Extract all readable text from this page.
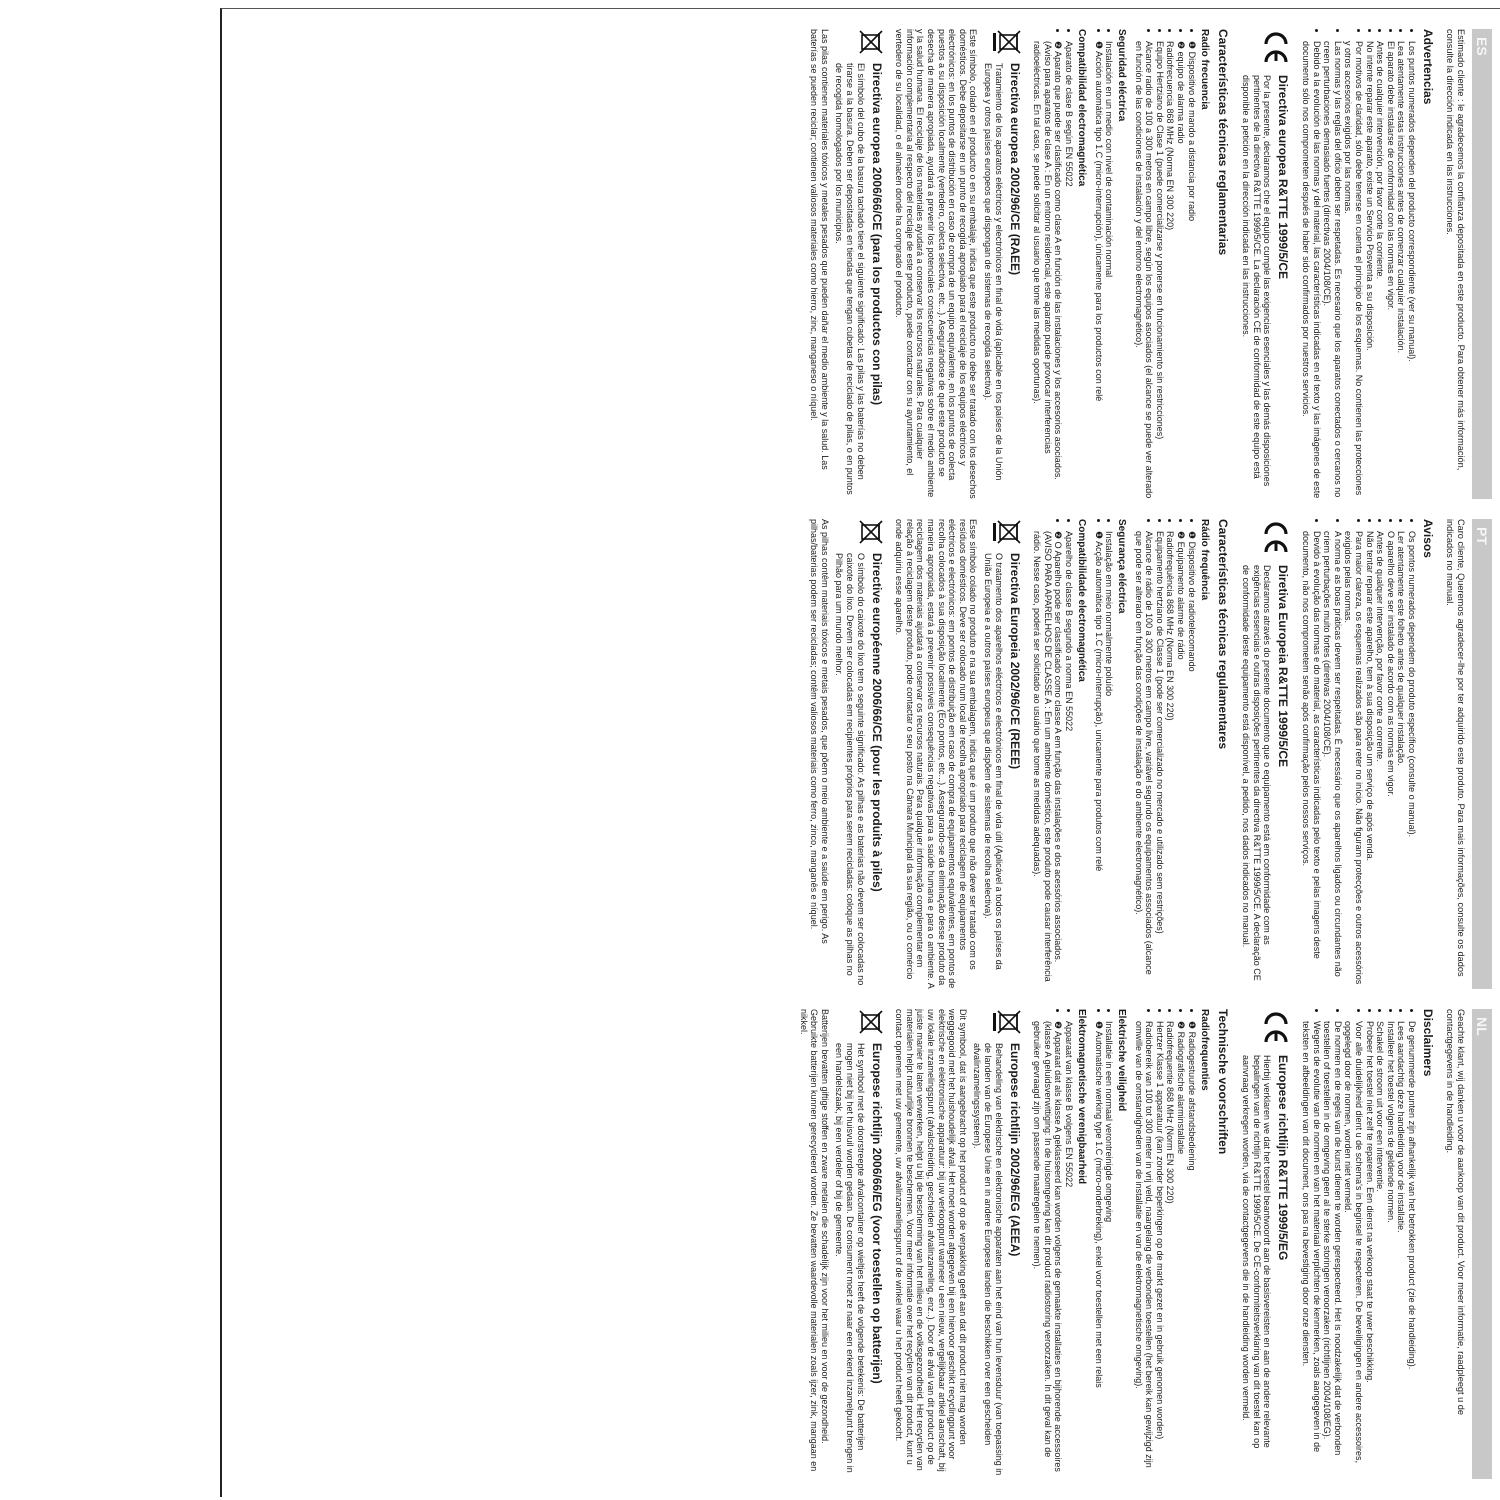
ES
Estimado cliente : le agradecemos la confianza depositada en este producto. Para obtener más información, consulte la dirección indicada en las instrucciones.
Advertencias
• Los puntos numerados dependen del producto correspondiente (ver su manual).
• Lea atentamente estas instrucciones antes de comenzar cualquier instalación.
• El aparato debe instalarse de conformidad con las normas en vigor.
• Antes de cualquier intervención, por favor corte la corriente.
• No intente reparar este aparato, existe un Servicio Posventa a su disposición.
• Por motivos de claridad, sólo debe tenerse en cuenta el principio de los esquemas. No contienen las protecciones y otros accesorios exigidos por las normas.
• Las normas y las reglas del oficio deben ser respetadas. Es necesario que los aparatos conectados o cercanos no creen perturbaciones demasiado fuertes (directivas 2004/108/CE).
• Debido a la evolución de las normas y del material, las características indicadas en el texto y las imágenes de este documento sólo nos comprometen después de haber sido confirmados por nuestros servicios.
Directiva europea R&TTE 1999/5/CE

Por la presente, declaramos che el equipo cumple las exigencias esenciales y las demás disposiciones pertinentes de la directiva R&TTE 1999/5/CE. La declaración CE de conformidad de este equipo está disponible a petición en la dirección indicada en las instrucciones.

Características técnicas reglamentarias
Radio frecuencia
• ❶ Dispositivo de mando a distancia por radio
• ❷ equipo de alarma radio
• Radiofrecuencia 868 MHz (Norma EN 300 220)
• Equipo Hertziano de Clase 1 (puede comercializarse y ponerse en funcionamiento sin restricciones)
• Alcance radio de 100 a 300 metros en campo libre, según los equipos asociados (el alcance se puede ver alterado en función de las condiciones de instalación y del entorno electromagnético).
Seguridad eléctrica
• Instalación en un medio con nivel de contaminación normal
• ❶ Acción automática tipo 1.C (micro-interrupción), únicamente para los productos con relé
Compatibilidad electromagnética
• Aparato de clase B según EN 55022
• ❷ Aparato que puede ser clasificado como clase A en función de las instalaciones y los accesorios asociados. (Aviso para aparatos de clase A : En un entorno residencial, este aparato puede provocar interferencias radioeléctricas. En tal caso, se puede solicitar al usuario que tome las medidas oportunas).
Directiva europea 2002/96/CE (RAEE)

Tratamiento de los aparatos eléctricos y electrónicos en final de vida (aplicable en los países de la Unión Europea y otros países europeos que dispongan de sistemas de recogida selectiva).

Este símbolo, colado en el producto o en su embalaje, indica que este producto no debe ser tratado con los desechos domésticos. Debe depositarse en un punto de recogida apropiado para el reciclaje de los equipos eléctricos y electrónicos: en los puntos de distribución en caso de compra de un equipo equivalente, en los puntos de colecta puestos a su disposición localmente (vertedero, colecta selectiva, etc...). Asegurándose de que este producto se desecha de manera apropiada, ayudará a prevenir los potenciales consecuencias negativas sobre el medio ambiente y la salud humana. El reciclaje de los materiales ayudará a conservar los recursos naturales. Para cualquier información complementaria al respecto del reciclaje de este producto, puede contactar con su ayuntamiento, el vertedero de su localidad, o el almacén donde ha comprado el producto.

Directiva europea 2006/66/CE (para los productos con pilas)

El símbolo del cubo de la basura tachado tiene el siguiente significado: Las pilas y las baterías no deben tirarse a la basura. Deben ser depositadas en tiendas que tengan cubetas de reciclado de pilas, o en puntos de recogida homologados por los municipios.

Las pilas contienen materiales tóxicos y metales pesados que pueden dañar el medio ambiente y la salud. Las baterías se pueden reciclar; contienen valiosos materiales como hierro, zinc, manganeso o níquel.

PT
Caro cliente, Queremos agradecer-lhe por ter adquirido este produto. Para mais informações, consulte os dados indicados no manual.
Avisos
• Os pontos numerados dependem do produto específico (consulte o manual).
• Ler atentamente este folheto antes de qualquer instalação.
• O aparelho deve ser instalado de acordo com as normas em vigor.
• Antes de qualquer intervenção, por favor corte a corrente.
• Não tentar reparar este aparelho, tem à sua disposição um serviço de após venda.
• Para maior clareza, os esquemas realizados são para reter no início. Não figuram protecções e outros acessórios exigidos pelas normas.
• A norma e as boas práticas devem ser respeitadas. É necessário que os aparelhos ligados ou circundantes não criem perturbações muito fortes (diretivas 2004/108/CE).
• Devido à evolução das normas e do material, as características indicadas pelo texto e pelas imagens deste documento, não nos comprometem senão após confirmação pelos nossos serviços.
Diretiva Europeia R&TTE 1999/5/CE

Declaramos através do presente documento que o equipamento está em conformidade com as exigências essenciais e outras disposições pertinentes da directiva R&TTE 1999/5/CE. A declaração CE de conformidade deste equipamento está disponível, a pedido, nos dados indicados no manual.

Características técnicas regulamentares
Rádio frequência
• ❶ Dispositivo de radiotelecomando
• ❷ Equipamento alarme de rádio
• Radiofrequência 868 MHz (Norma EN 300 220)
• Equipamento hertziano de Classe 1 (pode ser comercializado no mercado e utilizado sem restrições)
• Alcance de rádio de 100 a 300 metros em campo livre, variável segundo os equipamentos associados (alcance que pode ser alterado em função das condições de instalação e do ambiente electromagnético).
Segurança eléctrica
• Instalação em meio normalmente poluído
• ❶ Acção automática tipo 1.C (micro-interrupção), unicamente para produtos com relé
Compatibilidade electromagnética
• Aparelho de classe B segundo a norma EN 55022
• ❷ O Aparelho pode ser classificado como classe A em função das instalações e dos acessórios associados. (AVISO PARA APARELHOS DE CLASSE A : Em um ambiente doméstico, este produto pode causar interferência rádio. Nesse caso, poderá ser solicitado ao usuário que tome as medidas adequadas).
Directiva Europeia 2002/96/CE (REEE)

O tratamento dos aparelhos eléctricos e electrónicos em final de vida útil (Aplicável a todos os países da União Europeia e a outros países europeus que dispõem de sistemas de recolha selectiva).

Esse símbolo colado no produto e na sua embalagem, indica que é um produto que não deve ser tratado com os resíduos domésticos. Deve ser colocado num local de recolha apropriado para reciclagem de equipamentos eléctricos e electrónicos: em pontos de distribuição em caso de compra de equipamentos equivalentes, em pontos de recolha colocados à sua disposição localmente (Eco pontos, etc...). Assegurando-se da eliminação desse produto da maneira apropriada, estará a prevenir possíveis consequências negativas para a saúde humana e para o ambiente. A reciclagem dos materiais ajudará a conservar os recursos naturais. Para qualquer informação complementar em relação à reciclagem deste produto, pode contactar o seu posto na Câmara Municipal da sua região, ou o comércio onde adquiriu esse aparelho.

Directive européenne 2006/66/CE (pour les produits à piles)

O símbolo do caixote do lixo tem o seguinte significado: As pilhas e as baterias não devem ser colocadas no caixote do lixo. Devem ser colocadas em recipientes próprios para serem recicladas: coloque as pilhas no Pilhão para um mundo melhor.

As pilhas contêm materiais tóxicos e metais pesados, que põem o meio ambiente e a saúde em perigo. As pilhas/baterias podem ser recicladas; contêm valiosos materiais como ferro, zinco, manganês e níquel.

NL
Geachte klant, wij danken u voor de aankoop van dit product. Voor meer informatie, raadpleegt u de contactgegevens in de handleiding.
Disclaimers
• De genummerde punten zijn afhankelijk van het betrokken product (zie de handleiding).
• Lees aandachtig deze handleiding voor de installatie.
• Installeer het toestel volgens de geldende normen.
• Schakel de stroom uit voor een interventie.
• Probeer het toestel niet zelf te repareren. Een dienst na verkoop staat te uwer beschikking.
• Voor alle duidelijkheid dient u de schema's in beginsel te respecteren. De beveiligingen en andere accessoires, opgelegd door de normen, worden niet vermeld.
• De normen en de regels van de kunst dienen te worden gerespecteerd. Het is noodzakelijk dat de verbonden toestellen of toestellen in de omgeving geen al te sterke storingen veroorzaken (richtlijnen 2004/108/EG).
• Wegens de evolutie van de normen en van het materiaal verplichten de kenmerken, zoals aangegeven in de teksten en afbeeldingen van dit document, ons pas na bevestiging door onze diensten.
Europese richtlijn R&TTE 1999/5/EG

Hierbij verklaren we dat het toestel beantwoordt aan de basisvereisten en aan de andere relevante bepalingen van de richtlijn R&TTE 1999/5/CE. De CE-conformiteitsverklaring van dit toestel kan op aanvraag verkregen worden, via de contactgegevens die in de handleiding worden vermeld.

Technische voorschriften
Radiofrequenties
• ❶ Radiogestuurde afstandsbediening
• ❷ Radiografische alarminstallatie
• Radiofrequentie 868 MHz (Norm EN 300 220)
• Hertzer Klasse 1 apparatuur (kan zonder beperkingen op de markt gezet en in gebruik genomen worden)
• Radiobereik van 100 tot 300 meter in vrij veld, naargelang de verbonden toestellen (het bereik kan gewijzigd zijn omwille van de omstandigheden van de installatie en van de elektromagnetische omgeving).
Elektrische veiligheid
• Installatie in een normaal verontreinigde omgeving
• ❶ Automatische werking type 1.C (micro-onderbreking), enkel voor toestellen met een relais
Elektromagnetische verenigbaarheid
• Apparaat van klasse B volgens EN 55022
• ❷ Apparaat dat als klasse A geklasseerd kan worden volgens de gemaakte installaties en bijhorende accessoires (klasse A geluidsverwittiging: In de huisomgeving kan dit product radiostoring veroorzaken. In dit geval kan de gebruiker gevraagd zijn om passende maatregelen te nemen).
Europese richtlijn 2002/96/EG (AEEA)

Behandeling van elektrische en elektronische apparaten aan het eind van hun levensduur (van toepassing in de landen van de Europese Unie en in andere Europese landen die beschikken over een gescheiden afvalinzamelingssysteem).

Dit symbool, dat is aangebracht op het product of op de verpakking geeft aan dat dit product niet mag worden weggegooid met het huishoudelijk afval. Het moet worden afgegeven bij een hiervoor geschikt recyclingpunt voor elektrische en elektronische apparatuur: bij uw verkooppunt wanneer u een nieuw, vergelijkbaar artikel aanschaft, bij uw lokale inzamelingspunt (afvalscheiding, gescheiden afvalinzameling, enz..). Door de afval van dit product op de juiste manier te laten verwerken, helpt u bij de bescherming van het milieu en de volksgezondheid. Het recyclen van materialen helpt natuurlijke bronnen te beschermen. Voor meer informatie over het recyclen van dit product, kunt u contact opnemen met uw gemeente, uw afvalinzamelingspunt of de winkel waar u het product heeft gekocht.

Europese richtlijn 2006/66/EG (voor toestellen op batterijen)

Het symbool met de doorstreepte afvalcontainer op wieltjes heeft de volgende betekenis: De batterijen mogen niet bij het huisvuil worden gedaan. De consument moet ze naar een erkend inzamelpunt brengen in een handelszaak, bij een verdeler of bij de gemeente.

Batterijen bevatten giftige stoffen en zware metalen die schadelijk zijn voor het milieu en voor de gezondheid. Gebruikte batterijen kunnen gerecycleerd worden. Ze bevatten waardevolle materialen zoals ijzer, zink, mangaan en nikkel.
